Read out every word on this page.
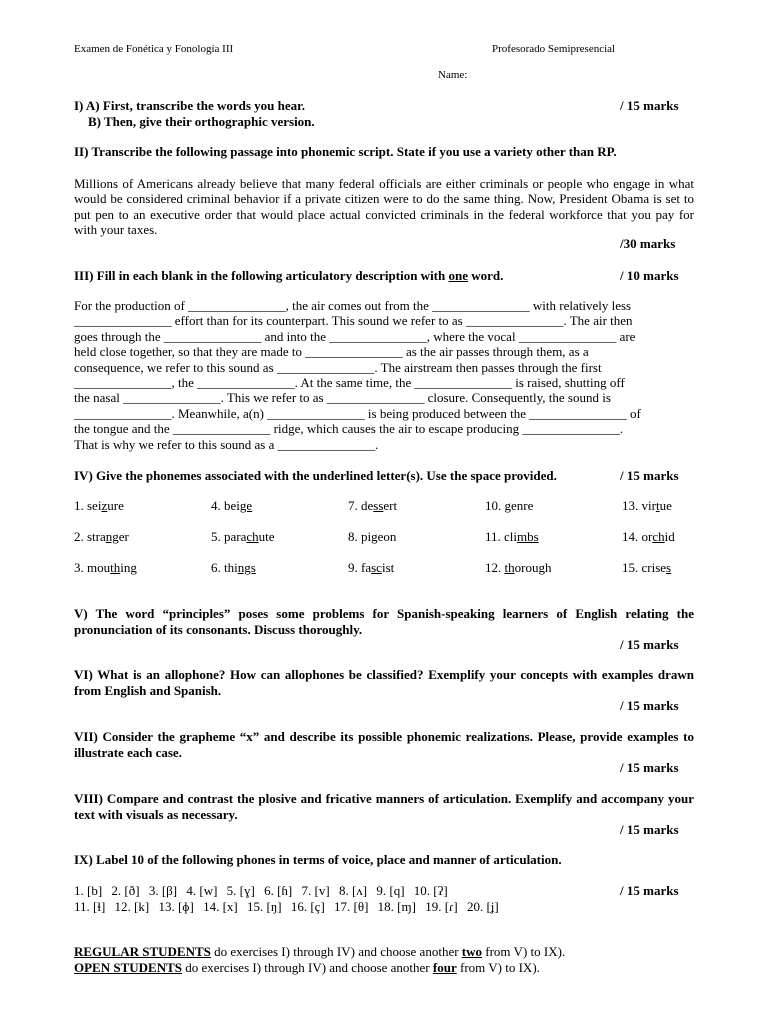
Examen de Fonética y Fonología III	Profesorado Semipresencial
Name:
I) A) First, transcribe the words you hear.
B) Then, give their orthographic version.
/ 15 marks
II) Transcribe the following passage into phonemic script. State if you use a variety other than RP.
Millions of Americans already believe that many federal officials are either criminals or people who engage in what would be considered criminal behavior if a private citizen were to do the same thing. Now, President Obama is set to put pen to an executive order that would place actual convicted criminals in the federal workforce that you pay for with your taxes.
/30 marks
III) Fill in each blank in the following articulatory description with one word.	/ 10 marks
For the production of _______________, the air comes out from the _______________ with relatively less
_______________ effort than for its counterpart. This sound we refer to as _______________. The air then
goes through the _______________ and into the _______________, where the vocal _______________ are
held close together, so that they are made to _______________ as the air passes through them, as a
consequence, we refer to this sound as _______________. The airstream then passes through the first
_______________, the _______________. At the same time, the _______________ is raised, shutting off
the nasal _______________. This we refer to as _______________ closure. Consequently, the sound is
_______________. Meanwhile, a(n) _______________ is being produced between the _______________ of
the tongue and the _______________ ridge, which causes the air to escape producing _______________.
That is why we refer to this sound as a _______________.
IV) Give the phonemes associated with the underlined letter(s). Use the space provided.	/ 15 marks
1. seizure	4. beige	7. dessert	10. genre	13. virtue
2. stranger	5. parachute	8. pigeon	11. climbs	14. orchid
3. mouthing	6. things	9. fascist	12. thorough	15. crises
V) The word “principles” poses some problems for Spanish-speaking learners of English relating the pronunciation of its consonants. Discuss thoroughly.
/ 15 marks
VI) What is an allophone? How can allophones be classified? Exemplify your concepts with examples drawn from English and Spanish.
/ 15 marks
VII) Consider the grapheme “x” and describe its possible phonemic realizations. Please, provide examples to illustrate each case.
/ 15 marks
VIII) Compare and contrast the plosive and fricative manners of articulation. Exemplify and accompany your text with visuals as necessary.
/ 15 marks
IX) Label 10 of the following phones in terms of voice, place and manner of articulation.
/ 15 marks
1. [b] 2. [ð] 3. [β] 4. [w] 5. [ɣ] 6. [ɦ] 7. [v] 8. [ʌ] 9. [q] 10. [ʔ]
11. [ɬ] 12. [k] 13. [ɸ] 14. [x] 15. [ŋ] 16. [ç] 17. [θ] 18. [ɱ] 19. [ɾ] 20. [ʝ]
REGULAR STUDENTS do exercises I) through IV) and choose another two from V) to IX).
OPEN STUDENTS do exercises I) through IV) and choose another four from V) to IX).
